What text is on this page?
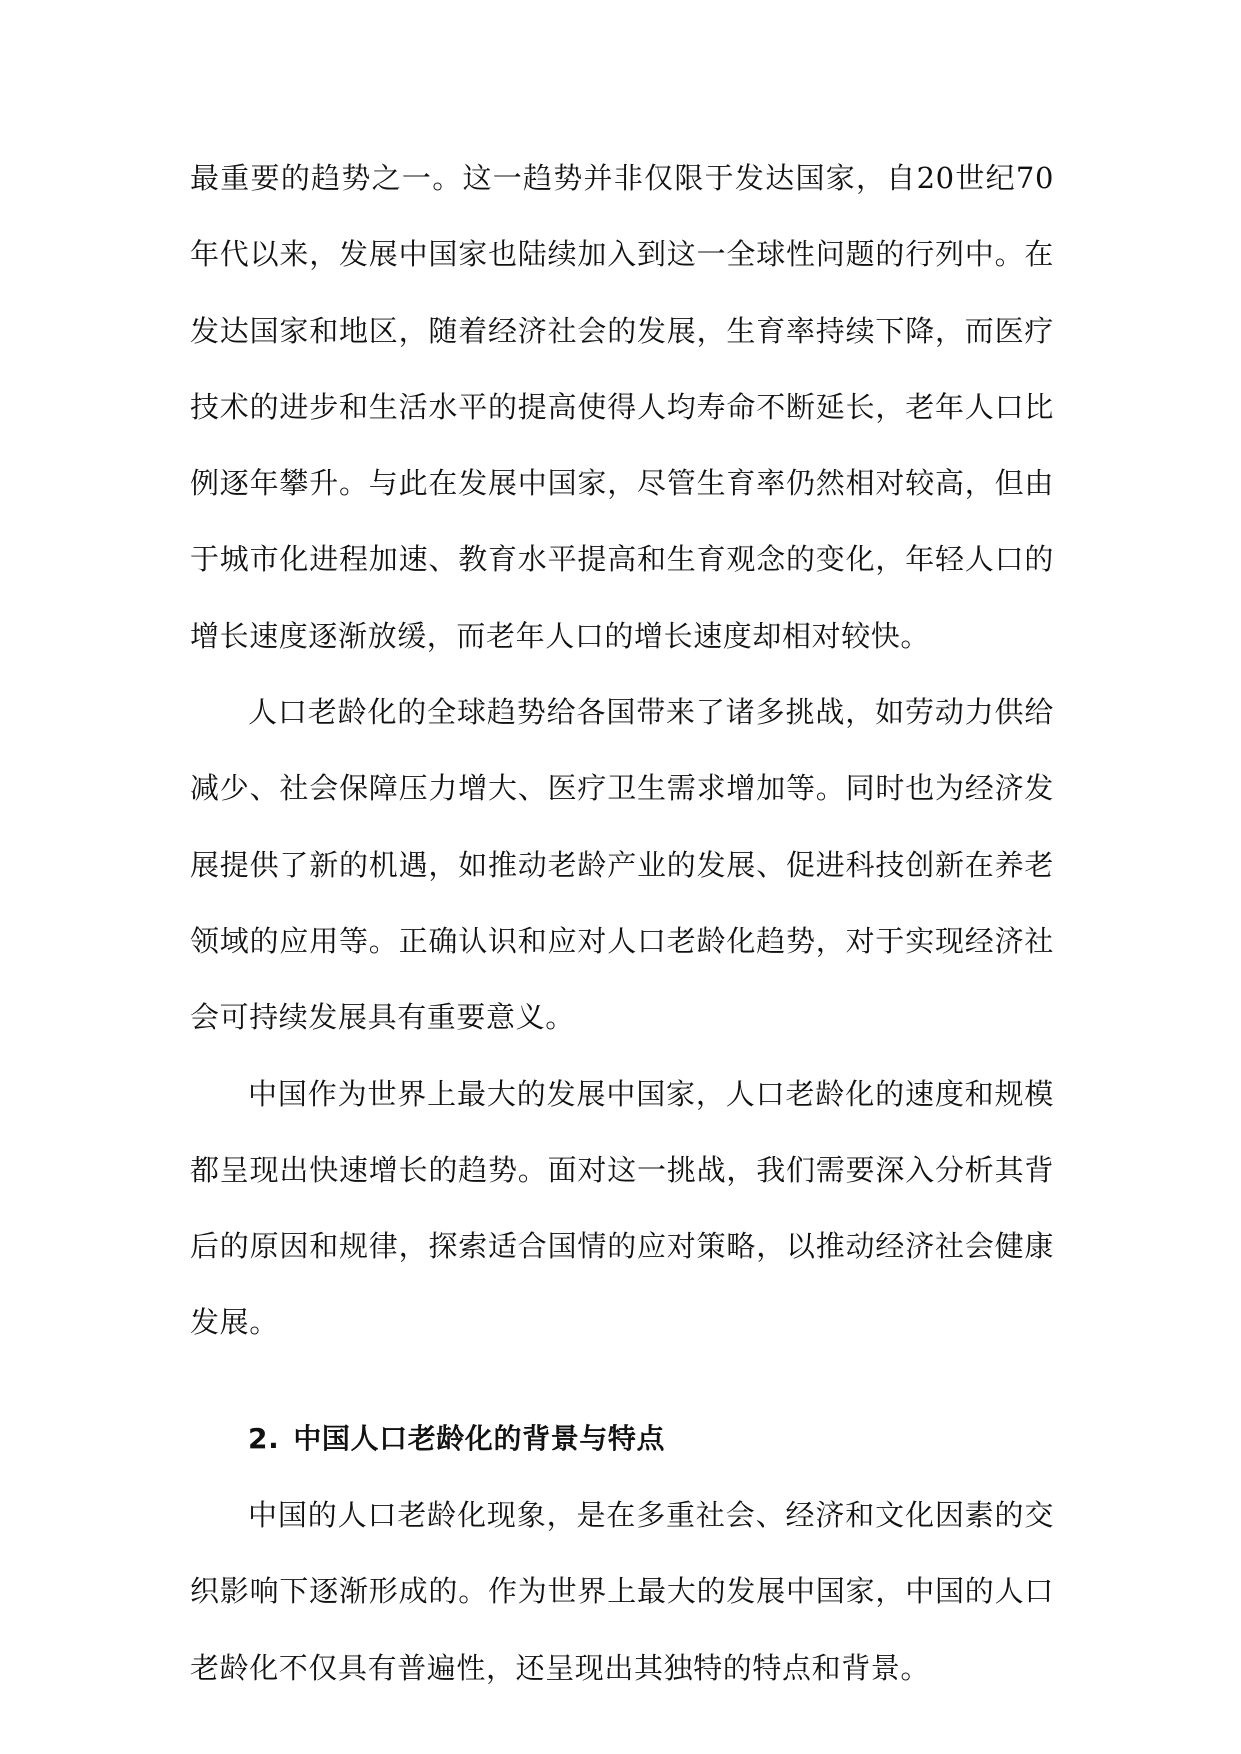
最重要的趋势之一。这一趋势并非仅限于发达国家，自20世纪70年代以来，发展中国家也陆续加入到这一全球性问题的行列中。在发达国家和地区，随着经济社会的发展，生育率持续下降，而医疗技术的进步和生活水平的提高使得人均寿命不断延长，老年人口比例逐年攀升。与此在发展中国家，尽管生育率仍然相对较高，但由于城市化进程加速、教育水平提高和生育观念的变化，年轻人口的增长速度逐渐放缓，而老年人口的增长速度却相对较快。

人口老龄化的全球趋势给各国带来了诸多挑战，如劳动力供给减少、社会保障压力增大、医疗卫生需求增加等。同时也为经济发展提供了新的机遇，如推动老龄产业的发展、促进科技创新在养老领域的应用等。正确认识和应对人口老龄化趋势，对于实现经济社会可持续发展具有重要意义。

中国作为世界上最大的发展中国家，人口老龄化的速度和规模都呈现出快速增长的趋势。面对这一挑战，我们需要深入分析其背后的原因和规律，探索适合国情的应对策略，以推动经济社会健康发展。

2. 中国人口老龄化的背景与特点

中国的人口老龄化现象，是在多重社会、经济和文化因素的交织影响下逐渐形成的。作为世界上最大的发展中国家，中国的人口老龄化不仅具有普遍性，还呈现出其独特的特点和背景。
